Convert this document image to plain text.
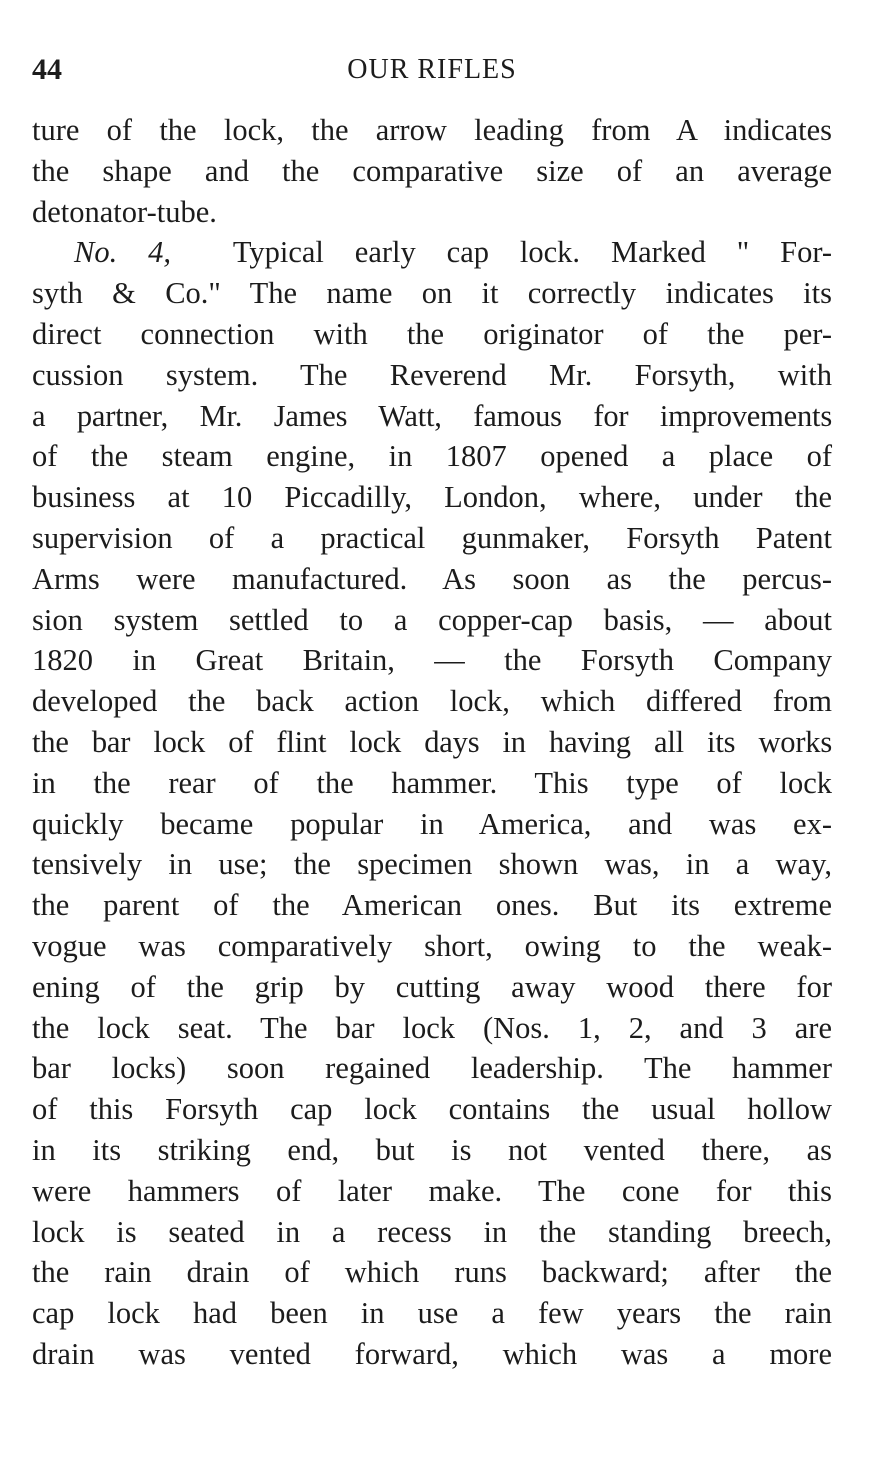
44	OUR RIFLES
ture of the lock, the arrow leading from A indicates
the shape and the comparative size of an average
detonator-tube.
No. 4, Typical early cap lock. Marked " For-
syth & Co." The name on it correctly indicates its
direct connection with the originator of the per-
cussion system. The Reverend Mr. Forsyth, with
a partner, Mr. James Watt, famous for improvements
of the steam engine, in 1807 opened a place of
business at 10 Piccadilly, London, where, under the
supervision of a practical gunmaker, Forsyth Patent
Arms were manufactured. As soon as the percus-
sion system settled to a copper-cap basis, — about
1820 in Great Britain, — the Forsyth Company
developed the back action lock, which differed from
the bar lock of flint lock days in having all its works
in the rear of the hammer. This type of lock
quickly became popular in America, and was ex-
tensively in use; the specimen shown was, in a way,
the parent of the American ones. But its extreme
vogue was comparatively short, owing to the weak-
ening of the grip by cutting away wood there for
the lock seat. The bar lock (Nos. 1, 2, and 3 are
bar locks) soon regained leadership. The hammer
of this Forsyth cap lock contains the usual hollow
in its striking end, but is not vented there, as
were hammers of later make. The cone for this
lock is seated in a recess in the standing breech,
the rain drain of which runs backward; after the
cap lock had been in use a few years the rain
drain was vented forward, which was a more
